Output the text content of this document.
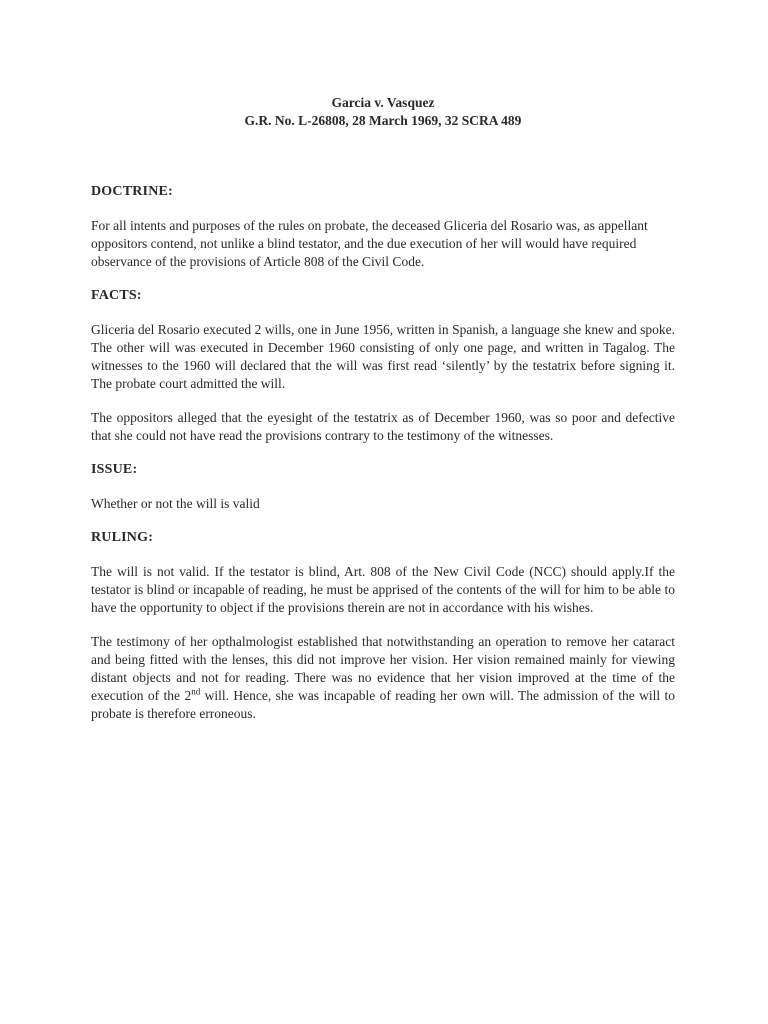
Garcia v. Vasquez
G.R. No. L-26808, 28 March 1969, 32 SCRA 489
DOCTRINE:

For all intents and purposes of the rules on probate, the deceased Gliceria del Rosario was, as appellant oppositors contend, not unlike a blind testator, and the due execution of her will would have required observance of the provisions of Article 808 of the Civil Code.

FACTS:

Gliceria del Rosario executed 2 wills, one in June 1956, written in Spanish, a language she knew and spoke. The other will was executed in December 1960 consisting of only one page, and written in Tagalog. The witnesses to the 1960 will declared that the will was first read ‘silently’ by the testatrix before signing it. The probate court admitted the will.

The oppositors alleged that the eyesight of the testatrix as of December 1960, was so poor and defective that she could not have read the provisions contrary to the testimony of the witnesses.

ISSUE:

Whether or not the will is valid

RULING:

The will is not valid. If the testator is blind, Art. 808 of the New Civil Code (NCC) should apply.If the testator is blind or incapable of reading, he must be apprised of the contents of the will for him to be able to have the opportunity to object if the provisions therein are not in accordance with his wishes.

The testimony of her opthalmologist established that notwithstanding an operation to remove her cataract and being fitted with the lenses, this did not improve her vision. Her vision remained mainly for viewing distant objects and not for reading. There was no evidence that her vision improved at the time of the execution of the 2nd will. Hence, she was incapable of reading her own will. The admission of the will to probate is therefore erroneous.
